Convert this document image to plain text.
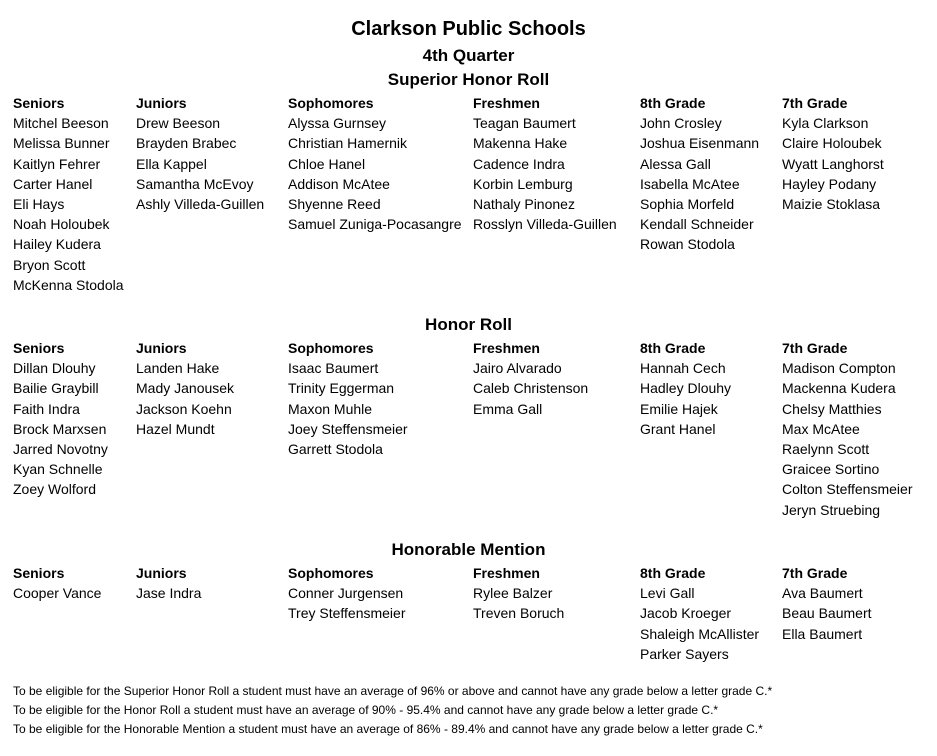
Clarkson Public Schools
4th Quarter
Superior Honor Roll
Seniors
Mitchel Beeson
Melissa Bunner
Kaitlyn Fehrer
Carter Hanel
Eli Hays
Noah Holoubek
Hailey Kudera
Bryon Scott
McKenna Stodola
Juniors
Drew Beeson
Brayden Brabec
Ella Kappel
Samantha McEvoy
Ashly Villeda-Guillen
Sophomores
Alyssa Gurnsey
Christian Hamernik
Chloe Hanel
Addison McAtee
Shyenne Reed
Samuel Zuniga-Pocasangre
Freshmen
Teagan Baumert
Makenna Hake
Cadence Indra
Korbin Lemburg
Nathaly Pinonez
Rosslyn Villeda-Guillen
8th Grade
John Crosley
Joshua Eisenmann
Alessa Gall
Isabella McAtee
Sophia Morfeld
Kendall Schneider
Rowan Stodola
7th Grade
Kyla Clarkson
Claire Holoubek
Wyatt Langhorst
Hayley Podany
Maizie Stoklasa
Honor Roll
Seniors
Dillan Dlouhy
Bailie Graybill
Faith Indra
Brock Marxsen
Jarred Novotny
Kyan Schnelle
Zoey Wolford
Juniors
Landen Hake
Mady Janousek
Jackson Koehn
Hazel Mundt
Sophomores
Isaac Baumert
Trinity Eggerman
Maxon Muhle
Joey Steffensmeier
Garrett Stodola
Freshmen
Jairo Alvarado
Caleb Christenson
Emma Gall
8th Grade
Hannah Cech
Hadley Dlouhy
Emilie Hajek
Grant Hanel
7th Grade
Madison Compton
Mackenna Kudera
Chelsy Matthies
Max McAtee
Raelynn Scott
Graicee Sortino
Colton Steffensmeier
Jeryn Struebing
Honorable Mention
Seniors
Cooper Vance
Juniors
Jase Indra
Sophomores
Conner Jurgensen
Trey Steffensmeier
Freshmen
Rylee Balzer
Treven Boruch
8th Grade
Levi Gall
Jacob Kroeger
Shaleigh McAllister
Parker Sayers
7th Grade
Ava Baumert
Beau Baumert
Ella Baumert
To be eligible for the Superior Honor Roll a student must have an average of 96% or above and cannot have any grade below a letter grade C.*
To be eligible for the Honor Roll a student must have an average of 90% - 95.4% and cannot have any grade below a letter grade C.*
To be eligible for the Honorable Mention a student must have an average of 86% - 89.4% and cannot have any grade below a letter grade C.*
